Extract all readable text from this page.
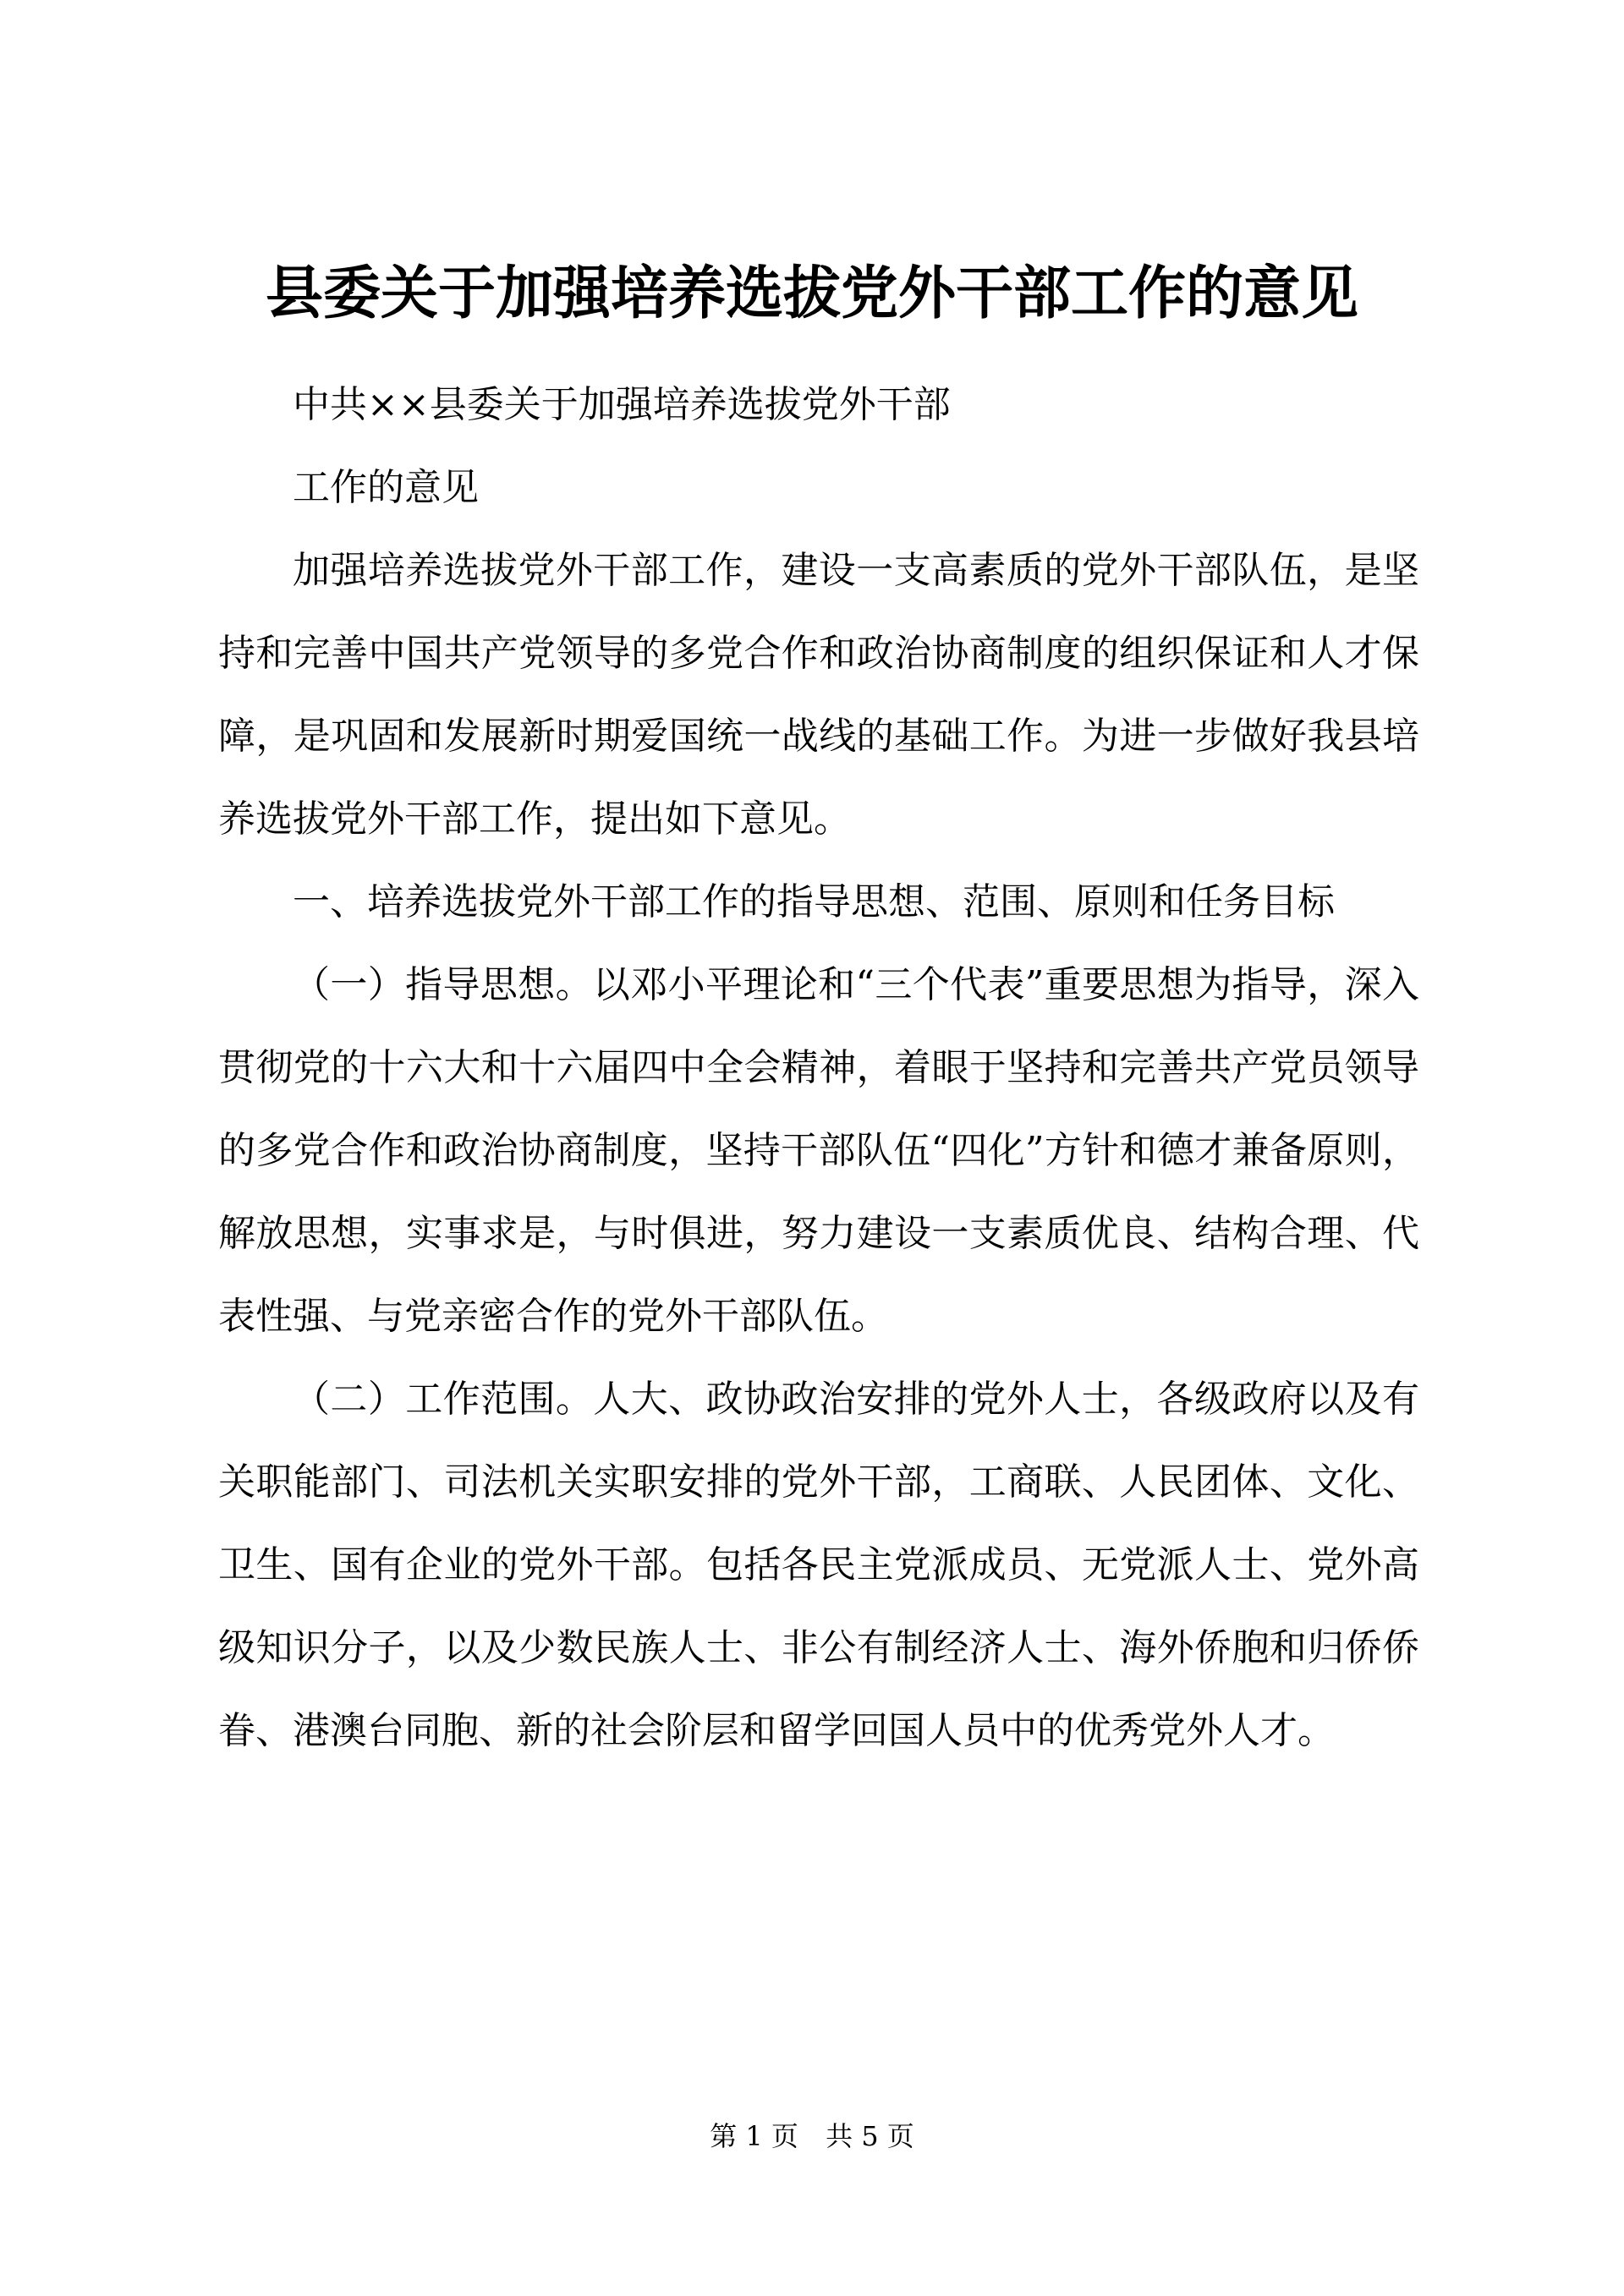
县委关于加强培养选拔党外干部工作的意见

中共××县委关于加强培养选拔党外干部

工作的意见

加强培养选拔党外干部工作，建设一支高素质的党外干部队伍，是坚持和完善中国共产党领导的多党合作和政治协商制度的组织保证和人才保障，是巩固和发展新时期爱国统一战线的基础工作。为进一步做好我县培养选拔党外干部工作，提出如下意见。

一、培养选拔党外干部工作的指导思想、范围、原则和任务目标

（一）指导思想。以邓小平理论和“三个代表”重要思想为指导，深入贯彻党的十六大和十六届四中全会精神，着眼于坚持和完善共产党员领导的多党合作和政治协商制度，坚持干部队伍“四化”方针和德才兼备原则，解放思想，实事求是，与时俱进，努力建设一支素质优良、结构合理、代表性强、与党亲密合作的党外干部队伍。

（二）工作范围。人大、政协政治安排的党外人士，各级政府以及有关职能部门、司法机关实职安排的党外干部，工商联、人民团体、文化、卫生、国有企业的党外干部。包括各民主党派成员、无党派人士、党外高级知识分子，以及少数民族人士、非公有制经济人士、海外侨胞和归侨侨眷、港澳台同胞、新的社会阶层和留学回国人员中的优秀党外人才。

第 1 页 共 5 页
